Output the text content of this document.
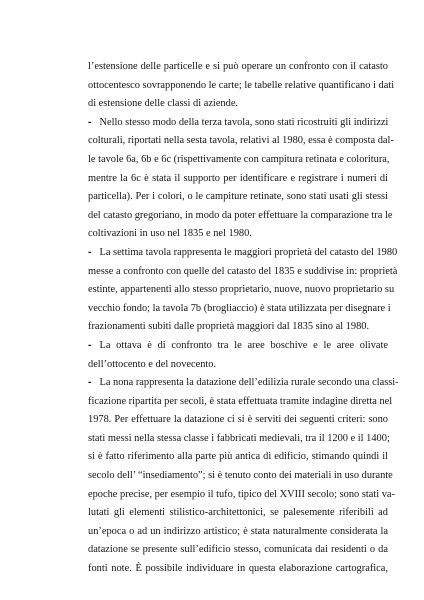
l’estensione delle particelle e si può operare un confronto con il catasto
ottocentesco sovrapponendo le carte; le tabelle relative quantificano i dati
di estensione delle classi di aziende.
- Nello stesso modo della terza tavola, sono stati ricostruiti gli indirizzi
colturali, riportati nella sesta tavola, relativi al 1980, essa è composta dal-
le tavole 6a, 6b e 6c (rispettivamente con campitura retinata e coloritura,
mentre la 6c è stata il supporto per identificare e registrare i numeri di
particella). Per i colori, o le campiture retinate, sono stati usati gli stessi
del catasto gregoriano, in modo da poter effettuare la comparazione tra le
coltivazioni in uso nel 1835 e nel 1980.
- La settima tavola rappresenta le maggiori proprietà del catasto del 1980
messe a confronto con quelle del catasto del 1835 e suddivise in: proprietà
estinte, appartenenti allo stesso proprietario, nuove, nuovo proprietario su
vecchio fondo; la tavola 7b (brogliaccio) è stata utilizzata per disegnare i
frazionamenti subiti dalle proprietà maggiori dal 1835 sino al 1980.
- La ottava è di confronto tra le aree boschive e le aree olivate
dell’ottocento e del novecento.
- La nona rappresenta la datazione dell’edilizia rurale secondo una classi-
ficazione ripartita per secoli, è stata effettuata tramite indagine diretta nel
1978. Per effettuare la datazione ci si è serviti dei seguenti criteri: sono
stati messi nella stessa classe i fabbricati medievali, tra il 1200 e il 1400;
si è fatto riferimento alla parte più antica di edificio, stimando quindi il
secolo dell’ “insediamento”; si è tenuto conto dei materiali in uso durante
epoche precise, per esempio il tufo, tipico del XVIII secolo; sono stati va-
lutati gli elementi stilistico-architettonici, se palesemente riferibili ad
un’epoca o ad un indirizzo artistico; è stata naturalmente considerata la
datazione se presente sull’edificio stesso, comunicata dai residenti o da
fonti note. È possibile individuare in questa elaborazione cartografica,
